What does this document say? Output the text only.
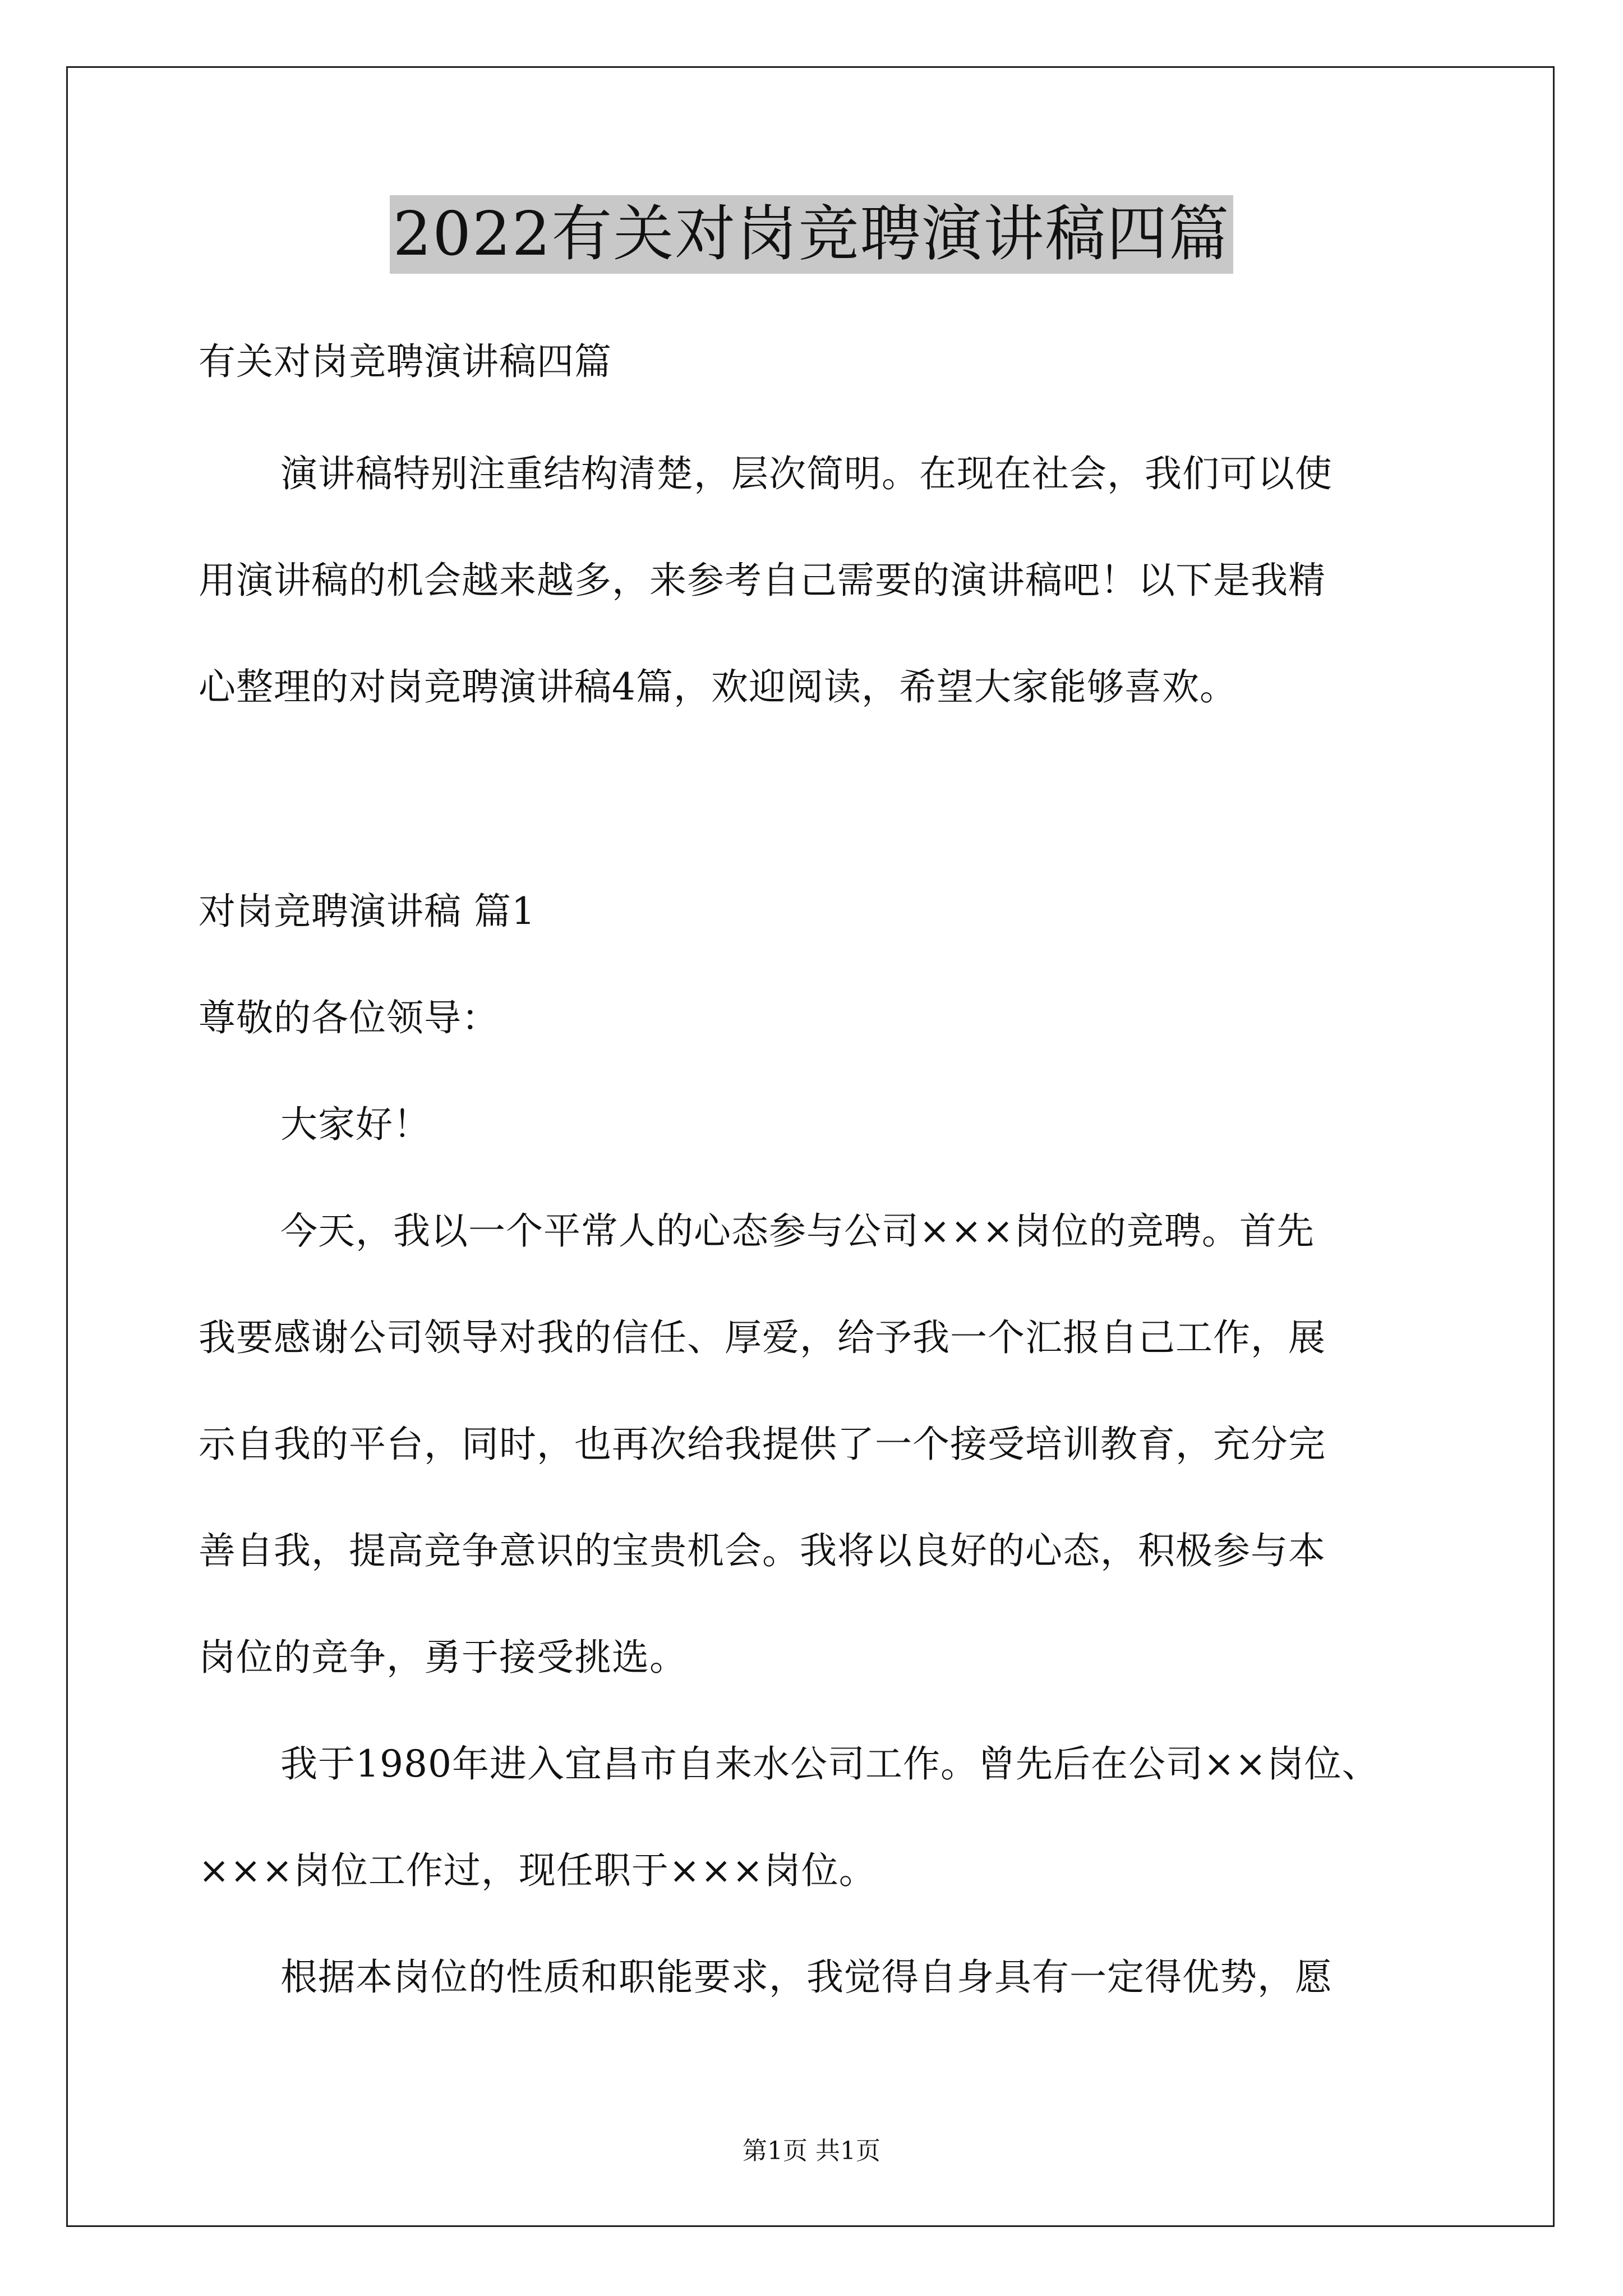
2022有关对岗竞聘演讲稿四篇
有关对岗竞聘演讲稿四篇
演讲稿特别注重结构清楚，层次简明。在现在社会，我们可以使
用演讲稿的机会越来越多，来参考自己需要的演讲稿吧！以下是我精
心整理的对岗竞聘演讲稿4篇，欢迎阅读，希望大家能够喜欢。
对岗竞聘演讲稿 篇1
尊敬的各位领导：
大家好！
今天，我以一个平常人的心态参与公司×××岗位的竞聘。首先
我要感谢公司领导对我的信任、厚爱，给予我一个汇报自己工作，展
示自我的平台，同时，也再次给我提供了一个接受培训教育，充分完
善自我，提高竞争意识的宝贵机会。我将以良好的心态，积极参与本
岗位的竞争，勇于接受挑选。
我于1980年进入宜昌市自来水公司工作。曾先后在公司××岗位、
×××岗位工作过，现任职于×××岗位。
根据本岗位的性质和职能要求，我觉得自身具有一定得优势，愿
第1页 共1页
